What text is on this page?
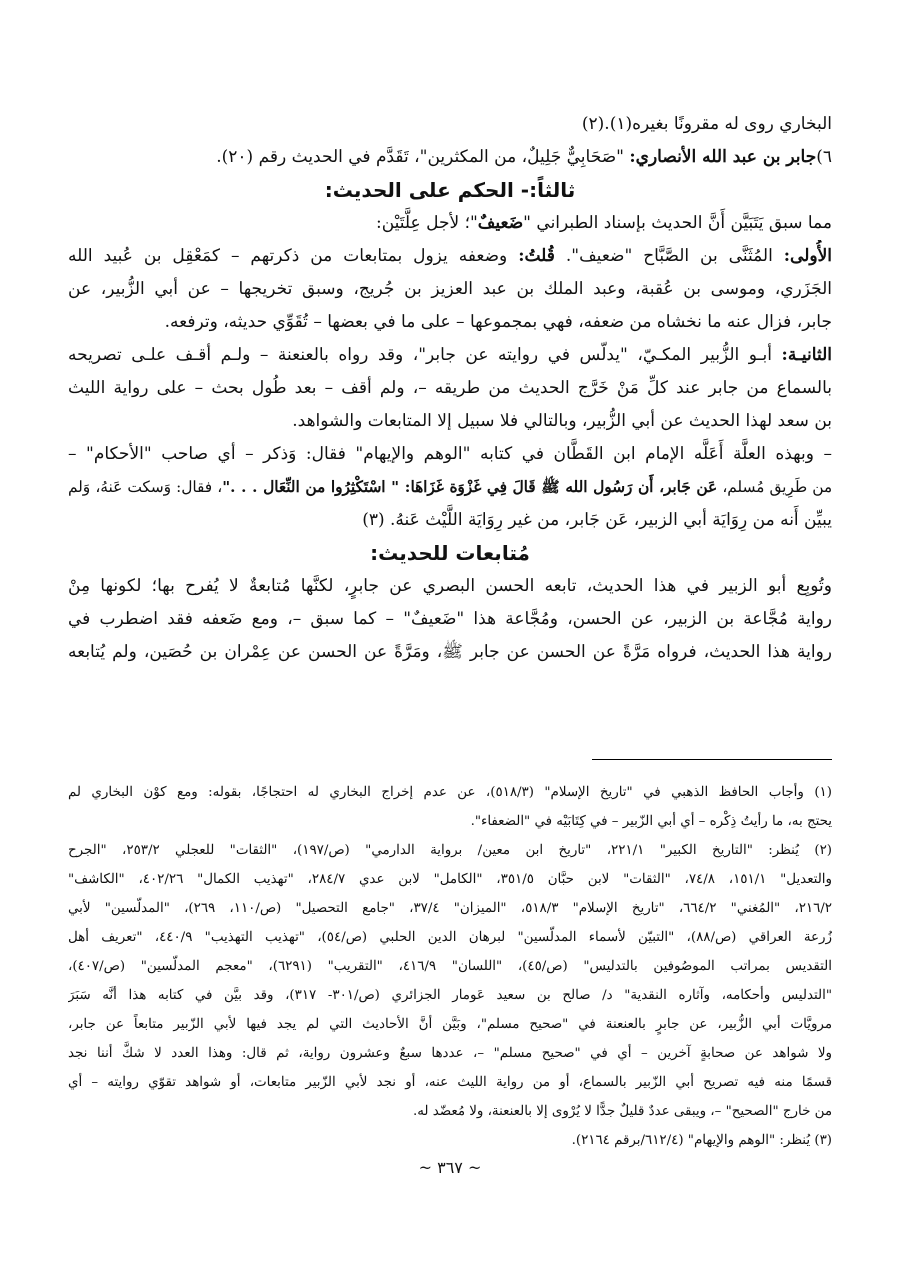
البخاري روى له مقرونًا بغيره(١).(٢)
٦)جابر بن عبد الله الأنصاري: "صَحَابِيٌّ جَلِيلٌ، من المكثرين"، تَقَدَّم في الحديث رقم (٢٠).
ثالثاً:- الحكم على الحديث:
مما سبق يَتَبَيَّن أَنَّ الحديث بإسناد الطبراني "ضَعيفٌ"؛ لأجل عِلَّتَيْن:
الأُولى: المُثَنَّى بن الصَّبَّاح "ضعيف". قُلتُ: وضعفه يزول بمتابعات من ذكرتهم – كمَعْقِل بن عُبيد الله
الجَزَري، وموسى بن عُقبة، وعبد الملك بن عبد العزيز بن جُريج، وسبق تخريجها – عن أبي الزُّبير، عن
جابر، فزال عنه ما نخشاه من ضعفه، فهي بمجموعها – على ما في بعضها – تُقَوِّي حديثه، وترفعه.
الثانيـة: أبـو الزُّبير المكـيّ، "يدلّس في روايته عن جابر"، وقد رواه بالعنعنة – ولـم أقـف علـى تصريحه
بالسماع من جابر عند كلِّ مَنْ خَرَّج الحديث من طريقه –، ولم أقف – بعد طُول بحث – على رواية الليث
بن سعد لهذا الحديث عن أبي الزُّبير، وبالتالي فلا سبيل إلا المتابعات والشواهد.
– وبهذه العلَّة أَعَلَّه الإمام ابن القَطَّان في كتابه "الوهم والإيهام" فقال: وَذكر – أي صاحب "الأحكام" –
من طَرِيق مُسلم، عَن جَابر، أَن رَسُول الله ﷺ قَالَ فِي غَزْوَة غَزَاهَا: " اسْتَكْثِرُوا من النِّعَال . . ."، فقال: وَسكت عَنهُ، وَلم
يبيِّن أَنه من رِوَايَة أبي الزبير، عَن جَابر، من غير رِوَايَة اللَّيْث عَنهُ. (٣)
مُتابعات للحديث:
وتُوبِع أبو الزبير في هذا الحديث، تابعه الحسن البصري عن جابرٍ، لكنَّها مُتابعةٌ لا يُفرح بها؛ لكونها مِنْ
رواية مُجَّاعة بن الزبير، عن الحسن، ومُجَّاعة هذا "ضَعيفٌ" – كما سبق –، ومع ضَعفه فقد اضطرب في
رواية هذا الحديث، فرواه مَرَّةً عن الحسن عن جابر ﷺ، ومَرَّةً عن الحسن عن عِمْران بن حُصَين، ولم يُتابعه
(١) وأجاب الحافظ الذهبي في "تاريخ الإسلام" (٥١٨/٣)، عن عدم إخراج البخاري له احتجاجًا، بقوله: ومع كوْن البخاري لم
يحتج به، ما رأيتُ ذِكْره – أي أبي الزّبير – في كِتَابَيْه في "الضعفاء".
(٢) يُنظر: "التاريخ الكبير" ٢٢١/١، "تاريخ ابن معين/ برواية الدارمي" (ص/١٩٧)، "الثقات" للعجلي ٢٥٣/٢، "الجرح
والتعديل" ١٥١/١، ٧٤/٨، "الثقات" لابن حبَّان ٣٥١/٥، "الكامل" لابن عدي ٢٨٤/٧، "تهذيب الكمال" ٤٠٢/٢٦، "الكاشف"
٢١٦/٢، "المُغني" ٦٦٤/٢، "تاريخ الإسلام" ٥١٨/٣، "الميزان" ٣٧/٤، "جامع التحصيل" (ص/١١٠، ٢٦٩)، "المدلّسين" لأبي
زُرعة العراقي (ص/٨٨)، "التبيّن لأسماء المدلّسين" لبرهان الدين الحلبي (ص/٥٤)، "تهذيب التهذيب" ٤٤٠/٩، "تعريف أهل
التقديس بمراتب الموصُوفين بالتدليس" (ص/٤٥)، "اللسان" ٤١٦/٩، "التقريب" (٦٢٩١)، "معجم المدلّسين" (ص/٤٠٧)،
"التدليس وأحكامه، وآثاره النقدية" د/ صالح بن سعيد عَومار الجزائري (ص/٣٠١- ٣١٧)، وقد بيَّن في كتابه هذا أنَّه سَبَرَ
مرويَّات أبي الزُّبير، عن جابرٍ بالعنعنة في "صحيح مسلم"، وبَيَّن أنَّ الأحاديث التي لم يجد فيها لأبي الزّبير متابعاً عن جابر،
ولا شواهد عن صحابةٍ آخرين – أي في "صحيح مسلم" –، عددها سبعٌ وعشرون رواية، ثم قال: وهذا العدد لا شكَّ أننا نجد
قسمًا منه فيه تصريح أبي الزّبير بالسماع، أو من رواية الليث عنه، أو نجد لأبي الزّبير متابعات، أو شواهد تقوّي روايته – أي
من خارج "الصحيح" –، ويبقى عددٌ قليلٌ جدًّا لا يُرْوى إلا بالعنعنة، ولا مُعضّد له.
(٣) يُنظر: "الوهم والإيهام" (٦١٢/٤/برقم ٢١٦٤).
~ ٣٦٧ ~
